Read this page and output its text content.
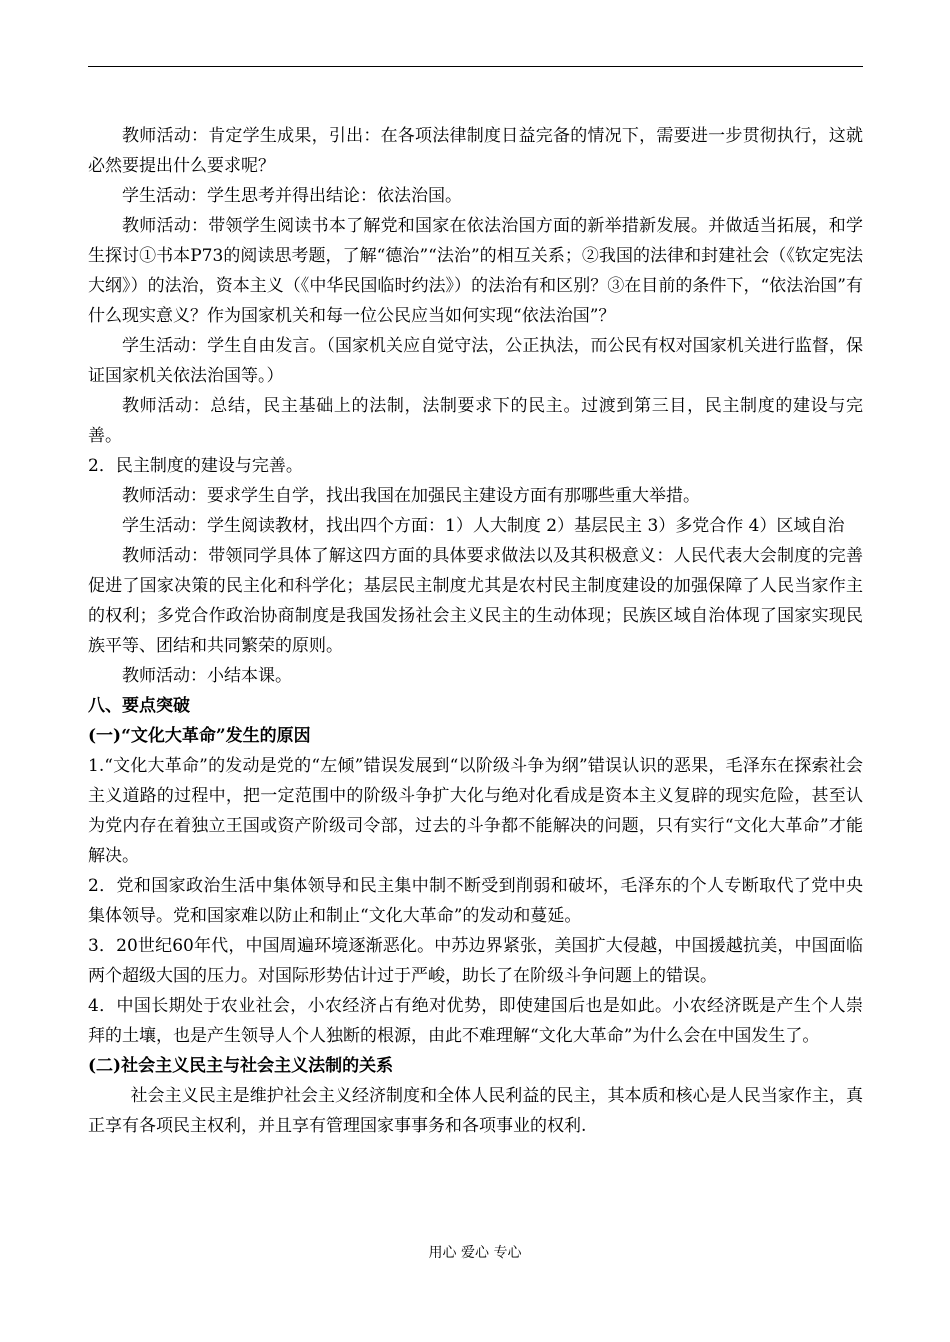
教师活动：肯定学生成果，引出：在各项法律制度日益完备的情况下，需要进一步贯彻执行，这就必然要提出什么要求呢？

学生活动：学生思考并得出结论：依法治国。

教师活动：带领学生阅读书本了解党和国家在依法治国方面的新举措新发展。并做适当拓展，和学生探讨①书本P73的阅读思考题，了解“德治”“法治”的相互关系；②我国的法律和封建社会（《钦定宪法大纲》）的法治，资本主义（《中华民国临时约法》）的法治有和区别？③在目前的条件下，“依法治国”有什么现实意义？作为国家机关和每一位公民应当如何实现“依法治国”？

学生活动：学生自由发言。（国家机关应自觉守法，公正执法，而公民有权对国家机关进行监督，保证国家机关依法治国等。）

教师活动：总结，民主基础上的法制，法制要求下的民主。过渡到第三目，民主制度的建设与完善。

2．民主制度的建设与完善。

教师活动：要求学生自学，找出我国在加强民主建设方面有那哪些重大举措。

学生活动：学生阅读教材，找出四个方面：1）人大制度 2）基层民主 3）多党合作 4）区域自治

教师活动：带领同学具体了解这四方面的具体要求做法以及其积极意义：人民代表大会制度的完善促进了国家决策的民主化和科学化；基层民主制度尤其是农村民主制度建设的加强保障了人民当家作主的权利；多党合作政治协商制度是我国发扬社会主义民主的生动体现；民族区域自治体现了国家实现民族平等、团结和共同繁荣的原则。

教师活动：小结本课。

八、要点突破

(一)“文化大革命”发生的原因

1.“文化大革命”的发动是党的“左倾”错误发展到“以阶级斗争为纲”错误认识的恶果，毛泽东在探索社会主义道路的过程中，把一定范围中的阶级斗争扩大化与绝对化看成是资本主义复辟的现实危险，甚至认为党内存在着独立王国或资产阶级司令部，过去的斗争都不能解决的问题，只有实行“文化大革命”才能解决。

2．党和国家政治生活中集体领导和民主集中制不断受到削弱和破坏，毛泽东的个人专断取代了党中央集体领导。党和国家难以防止和制止“文化大革命”的发动和蔓延。

3．20世纪60年代，中国周遍环境逐渐恶化。中苏边界紧张，美国扩大侵越，中国援越抗美，中国面临两个超级大国的压力。对国际形势估计过于严峻，助长了在阶级斗争问题上的错误。

4．中国长期处于农业社会，小农经济占有绝对优势，即使建国后也是如此。小农经济既是产生个人崇拜的土壤，也是产生领导人个人独断的根源，由此不难理解“文化大革命”为什么会在中国发生了。

(二)社会主义民主与社会主义法制的关系

社会主义民主是维护社会主义经济制度和全体人民利益的民主，其本质和核心是人民当家作主，真正享有各项民主权利，并且享有管理国家事事务和各项事业的权利.

用心 爱心 专心
